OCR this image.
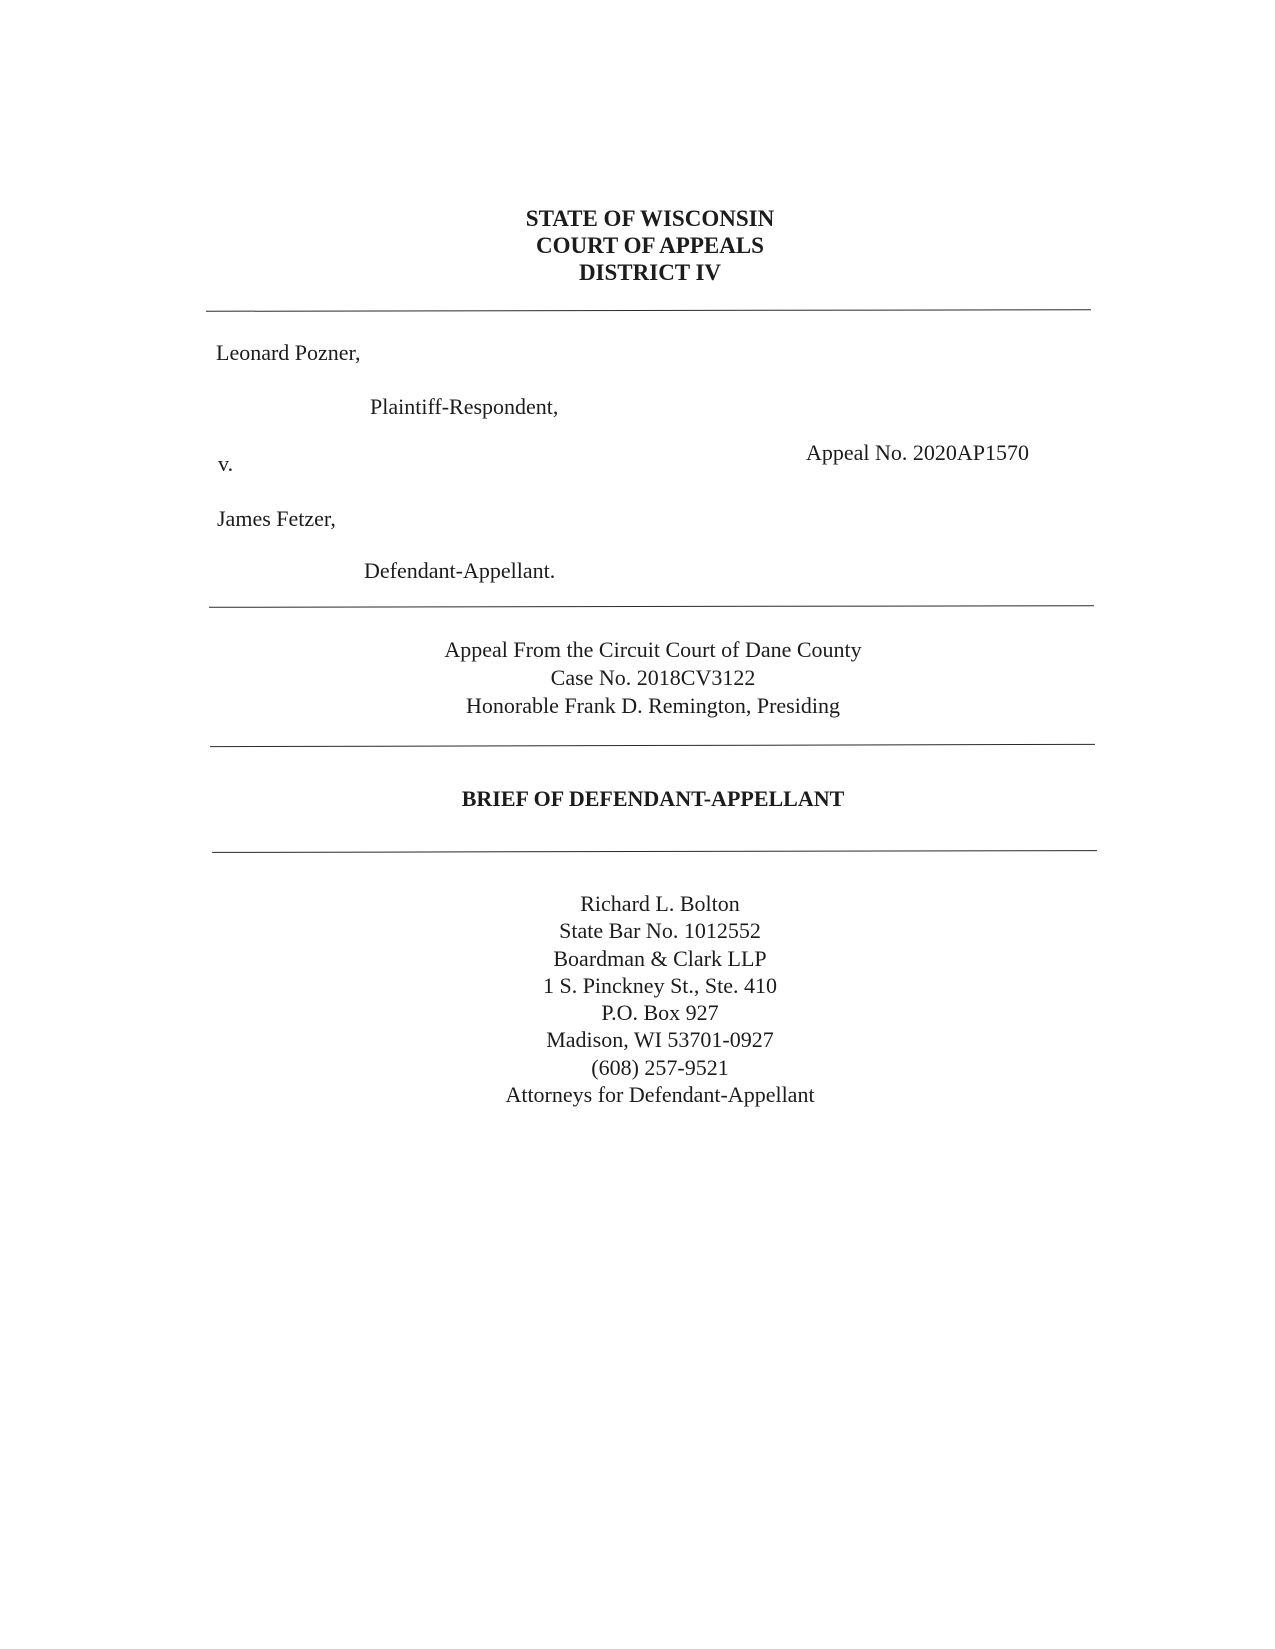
STATE OF WISCONSIN
COURT OF APPEALS
DISTRICT IV
Leonard Pozner,
Plaintiff-Respondent,
v.	Appeal No. 2020AP1570
James Fetzer,
Defendant-Appellant.
Appeal From the Circuit Court of Dane County
Case No. 2018CV3122
Honorable Frank D. Remington, Presiding
BRIEF OF DEFENDANT-APPELLANT
Richard L. Bolton
State Bar No. 1012552
Boardman & Clark LLP
1 S. Pinckney St., Ste. 410
P.O. Box 927
Madison, WI 53701-0927
(608) 257-9521
Attorneys for Defendant-Appellant
